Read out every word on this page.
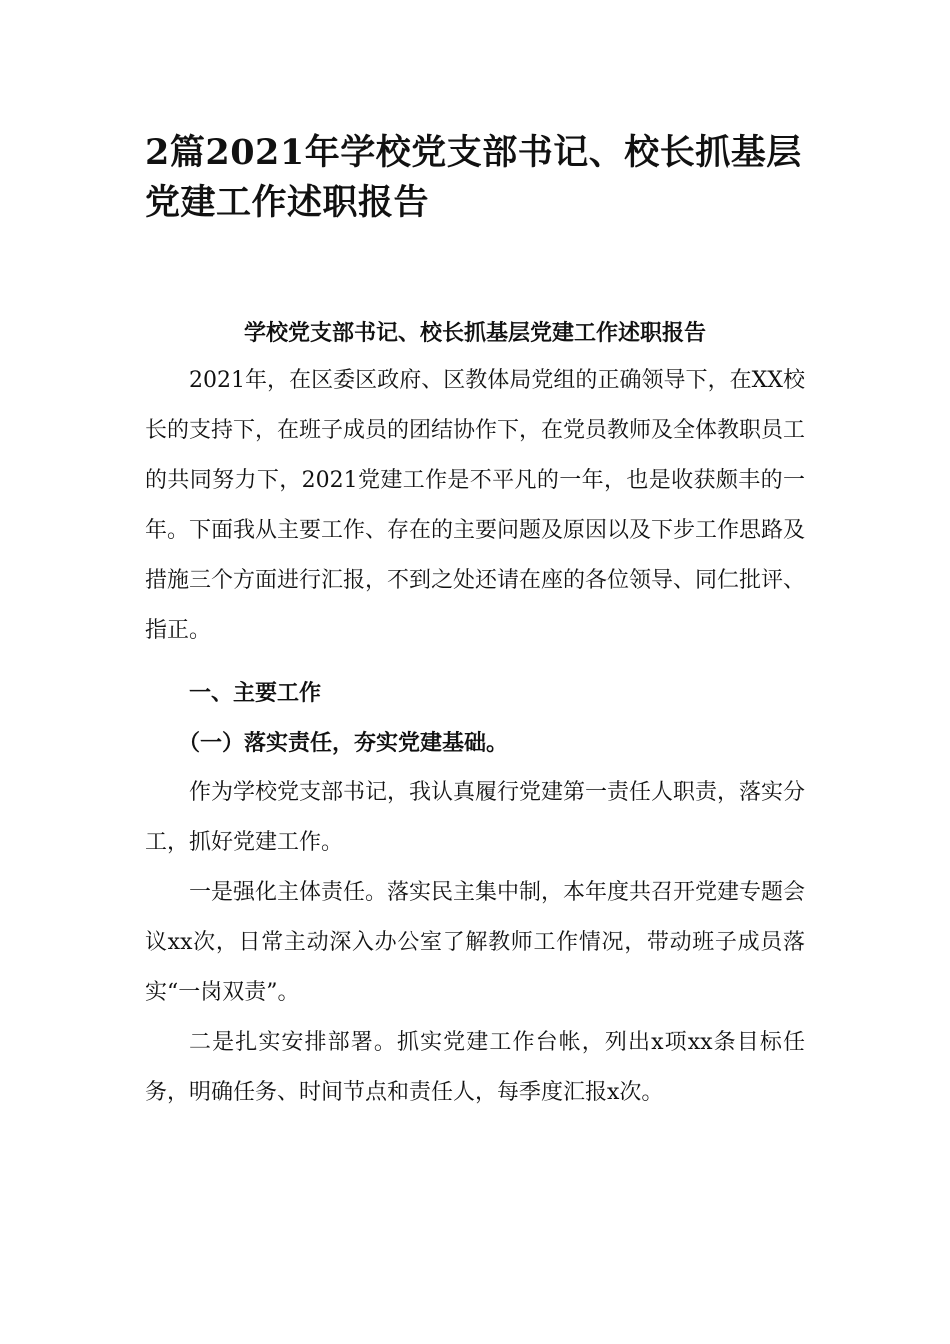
2篇2021年学校党支部书记、校长抓基层党建工作述职报告
学校党支部书记、校长抓基层党建工作述职报告

2021年，在区委区政府、区教体局党组的正确领导下，在XX校长的支持下，在班子成员的团结协作下，在党员教师及全体教职员工的共同努力下，2021党建工作是不平凡的一年，也是收获颇丰的一年。下面我从主要工作、存在的主要问题及原因以及下步工作思路及措施三个方面进行汇报，不到之处还请在座的各位领导、同仁批评、指正。

一、主要工作

（一）落实责任，夯实党建基础。

作为学校党支部书记，我认真履行党建第一责任人职责，落实分工，抓好党建工作。

一是强化主体责任。落实民主集中制，本年度共召开党建专题会议xx次，日常主动深入办公室了解教师工作情况，带动班子成员落实“一岗双责”。

二是扎实安排部署。抓实党建工作台帐，列出x项xx条目标任务，明确任务、时间节点和责任人，每季度汇报x次。
